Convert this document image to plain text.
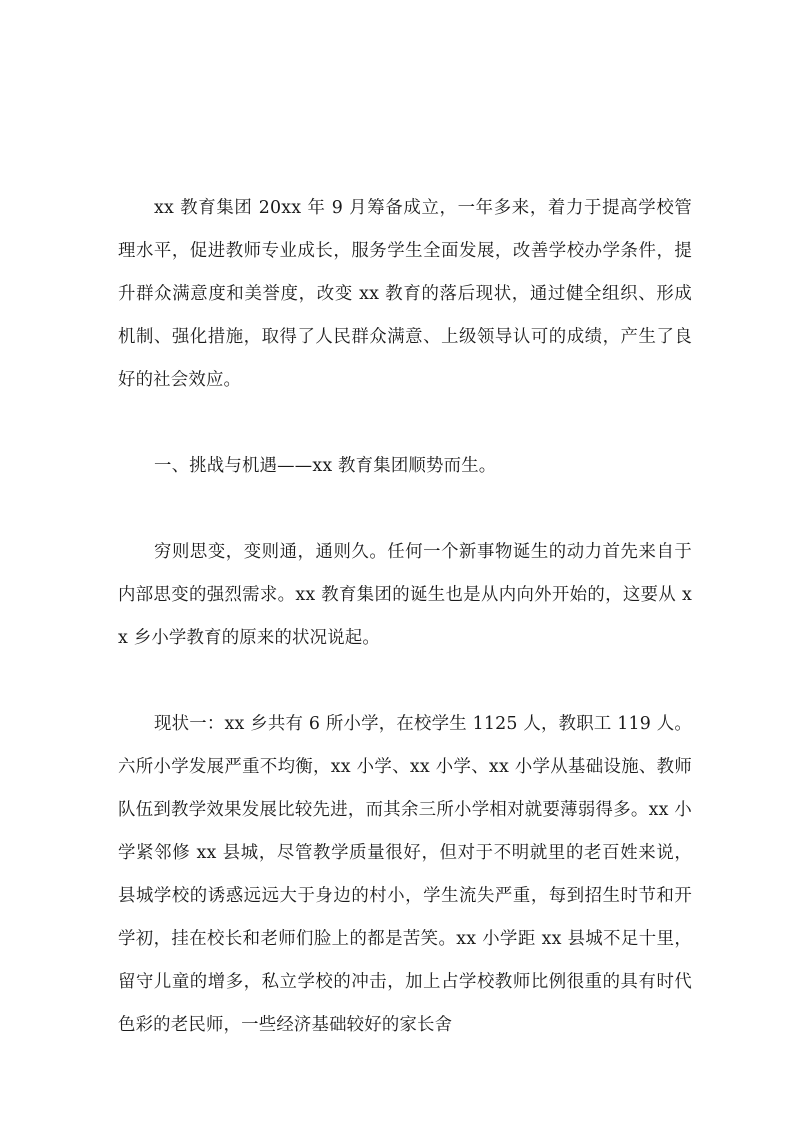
xx 教育集团 20xx 年 9 月筹备成立，一年多来，着力于提高学校管理水平，促进教师专业成长，服务学生全面发展，改善学校办学条件，提升群众满意度和美誉度，改变 xx 教育的落后现状，通过健全组织、形成机制、强化措施，取得了人民群众满意、上级领导认可的成绩，产生了良好的社会效应。

一、挑战与机遇——xx 教育集团顺势而生。

穷则思变，变则通，通则久。任何一个新事物诞生的动力首先来自于内部思变的强烈需求。xx 教育集团的诞生也是从内向外开始的，这要从 xx 乡小学教育的原来的状况说起。

现状一：xx 乡共有 6 所小学，在校学生 1125 人，教职工 119 人。六所小学发展严重不均衡，xx 小学、xx 小学、xx 小学从基础设施、教师队伍到教学效果发展比较先进，而其余三所小学相对就要薄弱得多。xx 小学紧邻修 xx 县城，尽管教学质量很好，但对于不明就里的老百姓来说，县城学校的诱惑远远大于身边的村小，学生流失严重，每到招生时节和开学初，挂在校长和老师们脸上的都是苦笑。xx 小学距 xx 县城不足十里，留守儿童的增多，私立学校的冲击，加上占学校教师比例很重的具有时代色彩的老民师，一些经济基础较好的家长舍
